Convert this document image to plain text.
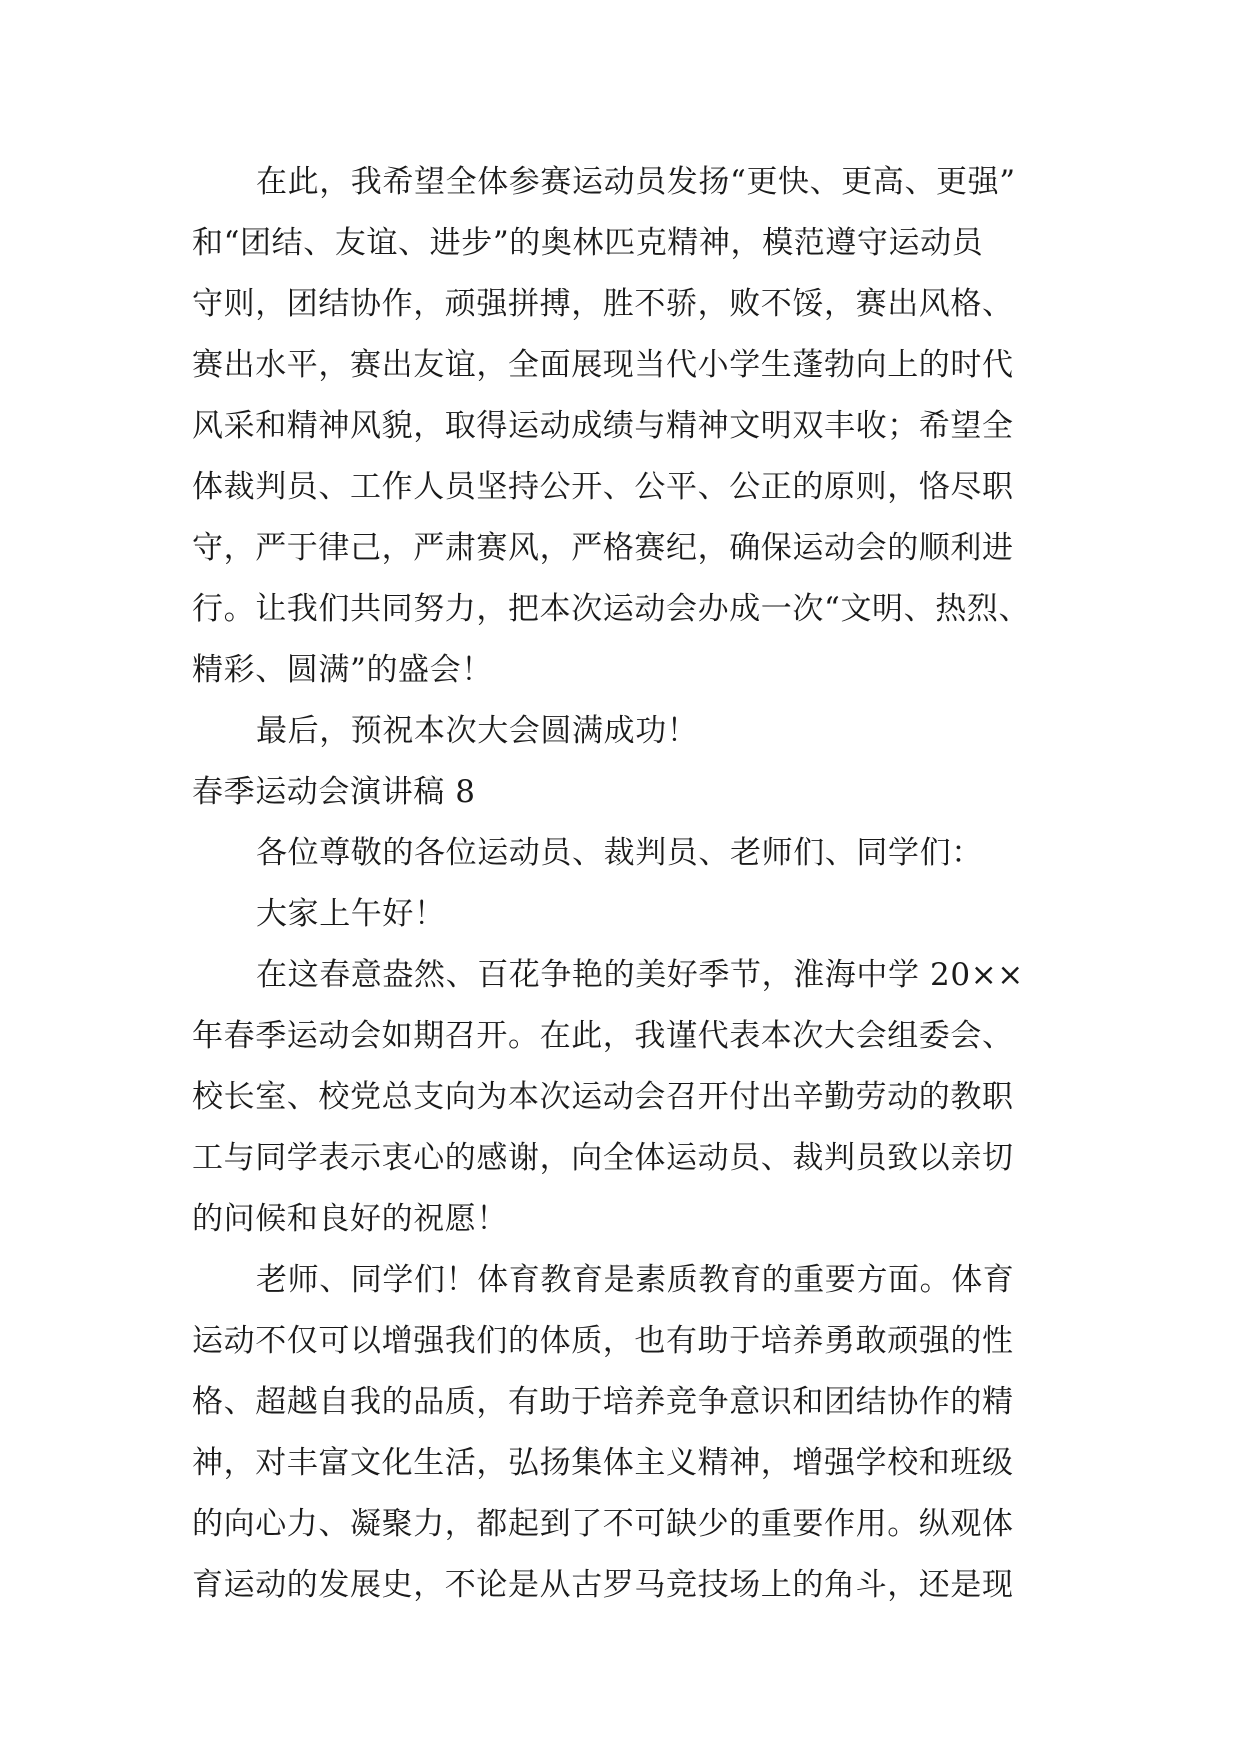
在此，我希望全体参赛运动员发扬“更快、更高、更强”
和“团结、友谊、进步”的奥林匹克精神，模范遵守运动员
守则，团结协作，顽强拼搏，胜不骄，败不馁，赛出风格、
赛出水平，赛出友谊，全面展现当代小学生蓬勃向上的时代
风采和精神风貌，取得运动成绩与精神文明双丰收；希望全
体裁判员、工作人员坚持公开、公平、公正的原则，恪尽职
守，严于律己，严肃赛风，严格赛纪，确保运动会的顺利进
行。让我们共同努力，把本次运动会办成一次“文明、热烈、
精彩、圆满”的盛会！
最后，预祝本次大会圆满成功！
春季运动会演讲稿 8
各位尊敬的各位运动员、裁判员、老师们、同学们：
大家上午好！
在这春意盎然、百花争艳的美好季节，淮海中学 20××
年春季运动会如期召开。在此，我谨代表本次大会组委会、
校长室、校党总支向为本次运动会召开付出辛勤劳动的教职
工与同学表示衷心的感谢，向全体运动员、裁判员致以亲切
的问候和良好的祝愿！
老师、同学们！体育教育是素质教育的重要方面。体育
运动不仅可以增强我们的体质，也有助于培养勇敢顽强的性
格、超越自我的品质，有助于培养竞争意识和团结协作的精
神，对丰富文化生活，弘扬集体主义精神，增强学校和班级
的向心力、凝聚力，都起到了不可缺少的重要作用。纵观体
育运动的发展史，不论是从古罗马竞技场上的角斗，还是现
